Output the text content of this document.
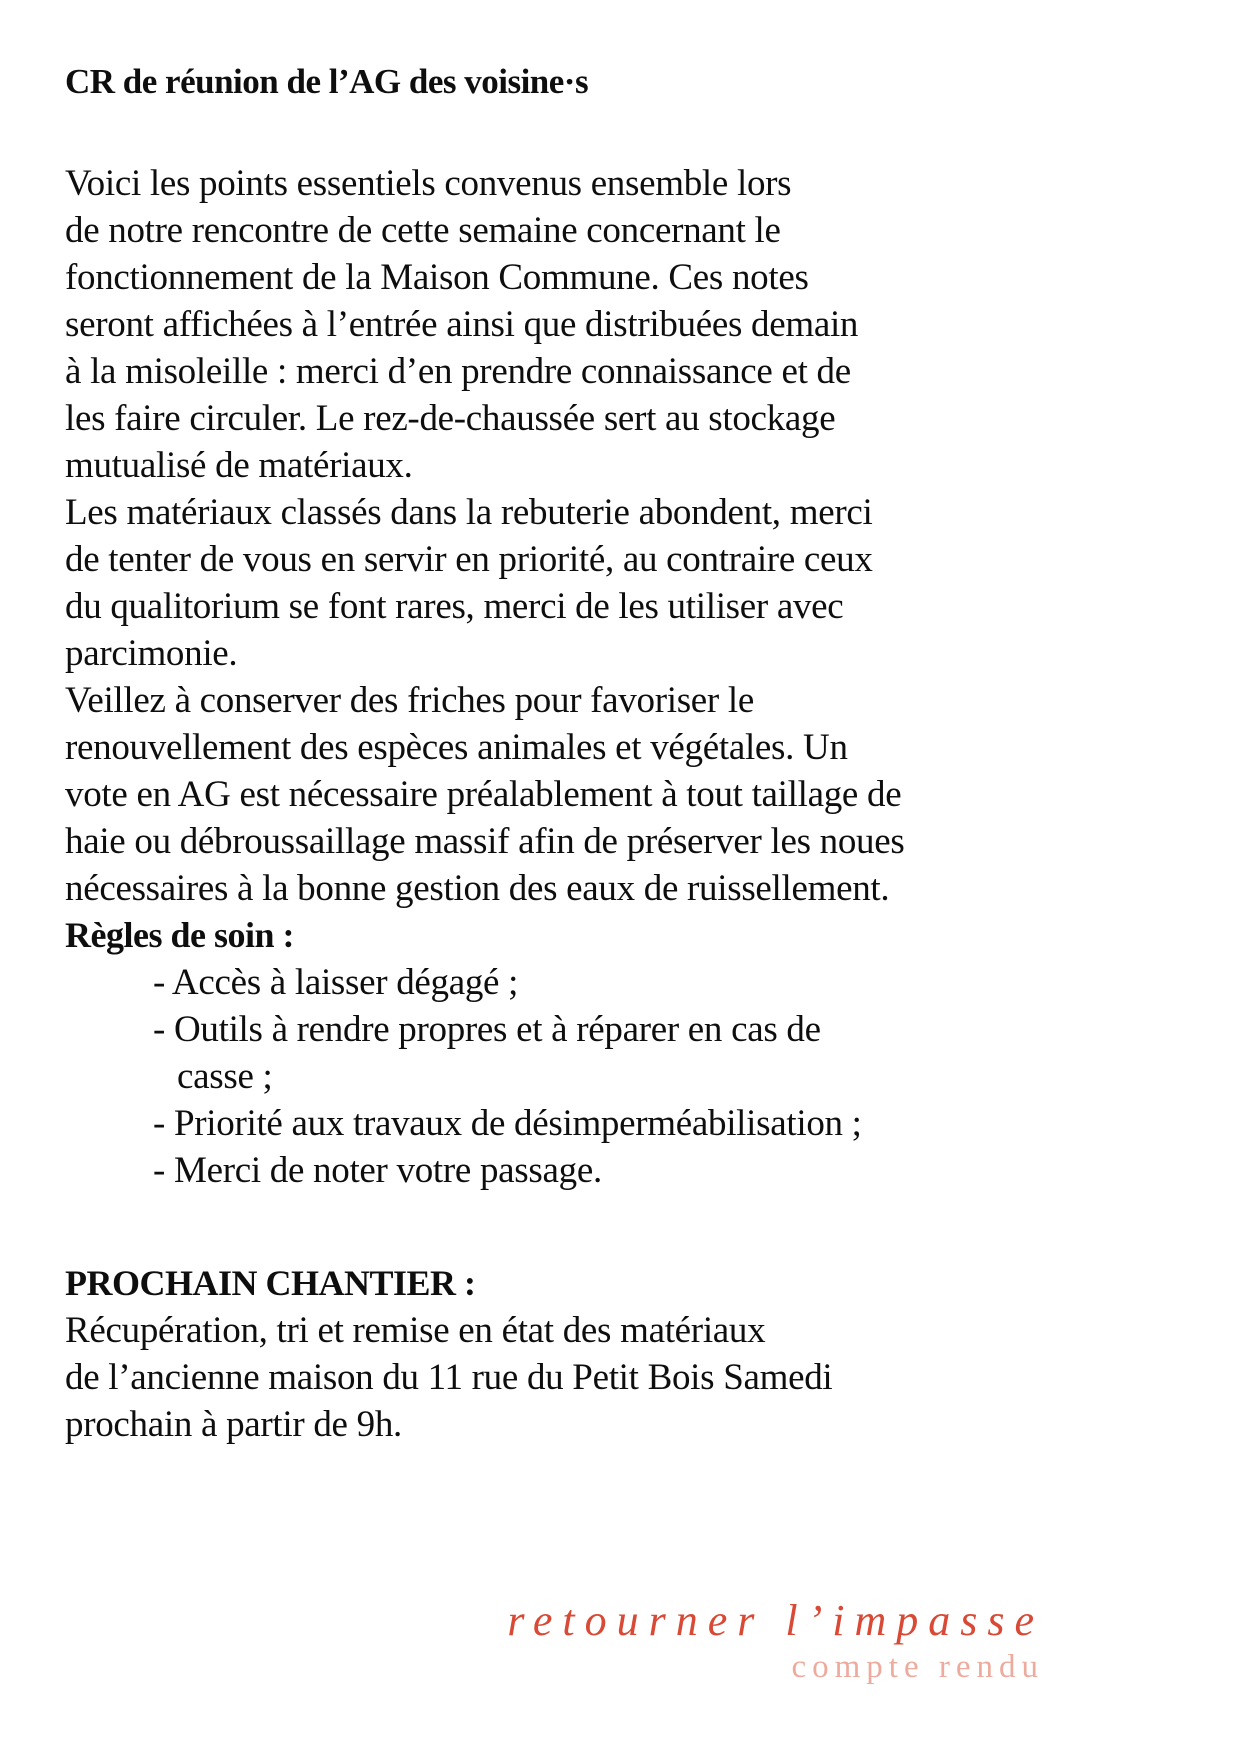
CR de réunion de l’AG des voisine·s
Voici les points essentiels convenus ensemble lors
de notre rencontre de cette semaine concernant le
fonctionnement de la Maison Commune. Ces notes
seront affichées à l’entrée ainsi que distribuées demain
à la misoleille : merci d’en prendre connaissance et de
les faire circuler. Le rez-de-chaussée sert au stockage
mutualisé de matériaux.
Les matériaux classés dans la rebuterie abondent, merci
de tenter de vous en servir en priorité, au contraire ceux
du qualitorium se font rares, merci de les utiliser avec
parcimonie.
Veillez à conserver des friches pour favoriser le
renouvellement des espèces animales et végétales. Un
vote en AG est nécessaire préalablement à tout taillage de
haie ou débroussaillage massif afin de préserver les noues
nécessaires à la bonne gestion des eaux de ruissellement.
Règles de soin :
- Accès à laisser dégagé ;
- Outils à rendre propres et à réparer en cas de
casse ;
- Priorité aux travaux de désimperméabilisation ;
- Merci de noter votre passage.
PROCHAIN CHANTIER :
Récupération, tri et remise en état des matériaux
de l’ancienne maison du 11 rue du Petit Bois Samedi
prochain à partir de 9h.
retourner l’impasse
compte rendu
